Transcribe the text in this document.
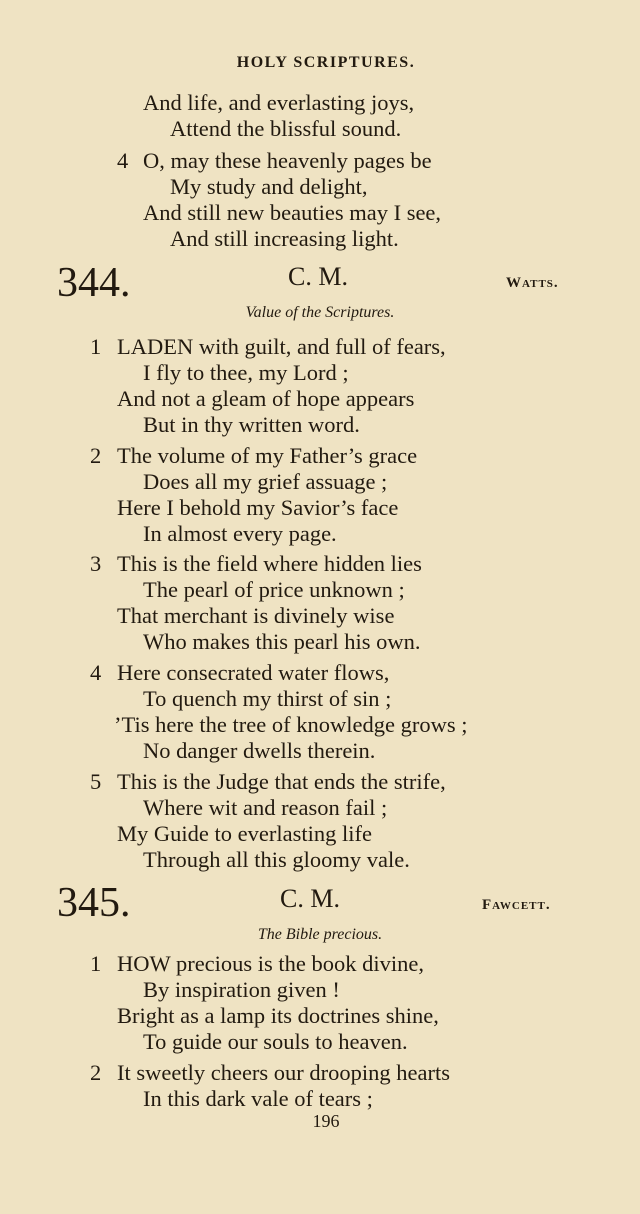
HOLY SCRIPTURES.
And life, and everlasting joys,
Attend the blissful sound.
4 O, may these heavenly pages be
My study and delight,
And still new beauties may I see,
And still increasing light.
344.	C. M.	Watts.
Value of the Scriptures.
1 LADEN with guilt, and full of fears,
I fly to thee, my Lord ;
And not a gleam of hope appears
But in thy written word.
2 The volume of my Father’s grace
Does all my grief assuage ;
Here I behold my Savior’s face
In almost every page.
3 This is the field where hidden lies
The pearl of price unknown ;
That merchant is divinely wise
Who makes this pearl his own.
4 Here consecrated water flows,
To quench my thirst of sin ;
’Tis here the tree of knowledge grows ;
No danger dwells therein.
5 This is the Judge that ends the strife,
Where wit and reason fail ;
My Guide to everlasting life
Through all this gloomy vale.
345.	C. M.	Fawcett.
The Bible precious.
1 HOW precious is the book divine,
By inspiration given !
Bright as a lamp its doctrines shine,
To guide our souls to heaven.
2 It sweetly cheers our drooping hearts
In this dark vale of tears ;
196
